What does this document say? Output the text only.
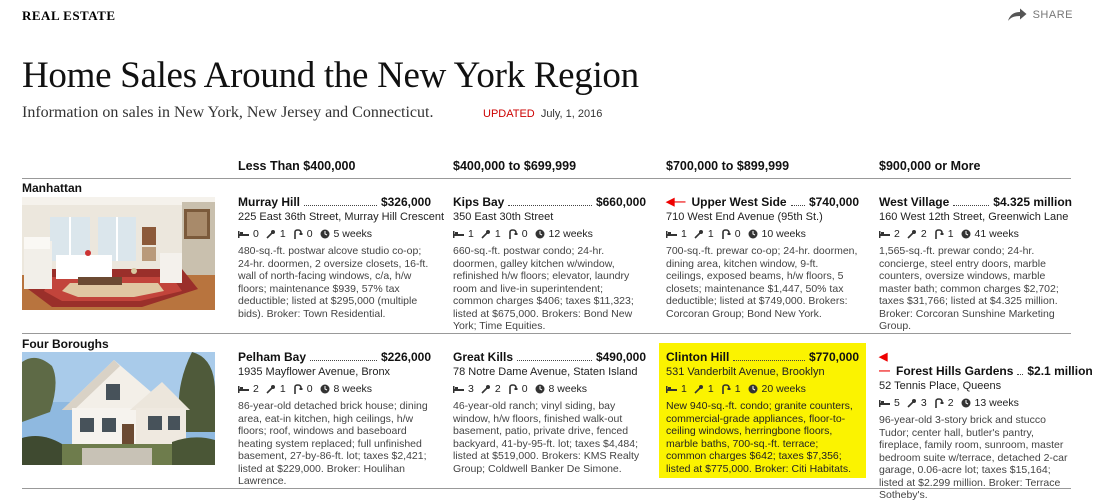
REAL ESTATE	SHARE
Home Sales Around the New York Region

Information on sales in New York, New Jersey and Connecticut.	UPDATED July, 1, 2016
Less Than $400,000	$400,000 to $699,999	$700,000 to $899,999	$900,000 or More
Manhattan
Murray Hill	$326,000
225 East 36th Street, Murray Hill Crescent
0 1 0 5 weeks
480-sq.-ft. postwar alcove studio co-op; 24-hr. doormen, 2 oversize closets, 16-ft. wall of north-facing windows, c/a, h/w floors; maintenance $939, 57% tax deductible; listed at $295,000 (multiple bids). Broker: Town Residential.
Kips Bay	$660,000
350 East 30th Street
1 1 0 12 weeks
660-sq.-ft. postwar condo; 24-hr. doormen, galley kitchen w/window, refinished h/w floors; elevator, laundry room and live-in superintendent; common charges $406; taxes $11,323; listed at $675,000. Brokers: Bond New York; Time Equities.
◀— Upper West Side $740,000
710 West End Avenue (95th St.)
1 1 0 10 weeks
700-sq.-ft. prewar co-op; 24-hr. doormen, dining area, kitchen window, 9-ft. ceilings, exposed beams, h/w floors, 5 closets; maintenance $1,447, 50% tax deductible; listed at $749,000. Brokers: Corcoran Group; Bond New York.
West Village	$4.325 million
160 West 12th Street, Greenwich Lane
2 2 1 41 weeks
1,565-sq.-ft. prewar condo; 24-hr. concierge, steel entry doors, marble counters, oversize windows, marble master bath; common charges $2,702; taxes $31,766; listed at $4.325 million. Broker: Corcoran Sunshine Marketing Group.
Four Boroughs
Pelham Bay	$226,000
1935 Mayflower Avenue, Bronx
2 1 0 8 weeks
86-year-old detached brick house; dining area, eat-in kitchen, high ceilings, h/w floors; roof, windows and baseboard heating system replaced; full unfinished basement, 27-by-86-ft. lot; taxes $2,421; listed at $229,000. Broker: Houlihan Lawrence.
Great Kills	$490,000
78 Notre Dame Avenue, Staten Island
3 2 0 8 weeks
46-year-old ranch; vinyl siding, bay window, h/w floors, finished walk-out basement, patio, private drive, fenced backyard, 41-by-95-ft. lot; taxes $4,484; listed at $519,000. Brokers: KMS Realty Group; Coldwell Banker De Simone.
Clinton Hill	$770,000
531 Vanderbilt Avenue, Brooklyn
1 1 1 20 weeks
New 940-sq.-ft. condo; granite counters, commercial-grade appliances, floor-to-ceiling windows, herringbone floors, marble baths, 700-sq.-ft. terrace; common charges $642; taxes $7,356; listed at $775,000. Broker: Citi Habitats.
◀— Forest Hills Gardens $2.1 million
52 Tennis Place, Queens
5 3 2 13 weeks
96-year-old 3-story brick and stucco Tudor; center hall, butler's pantry, fireplace, family room, sunroom, master bedroom suite w/terrace, detached 2-car garage, 0.06-acre lot; taxes $15,164; listed at $2.299 million. Broker: Terrace Sotheby's.
